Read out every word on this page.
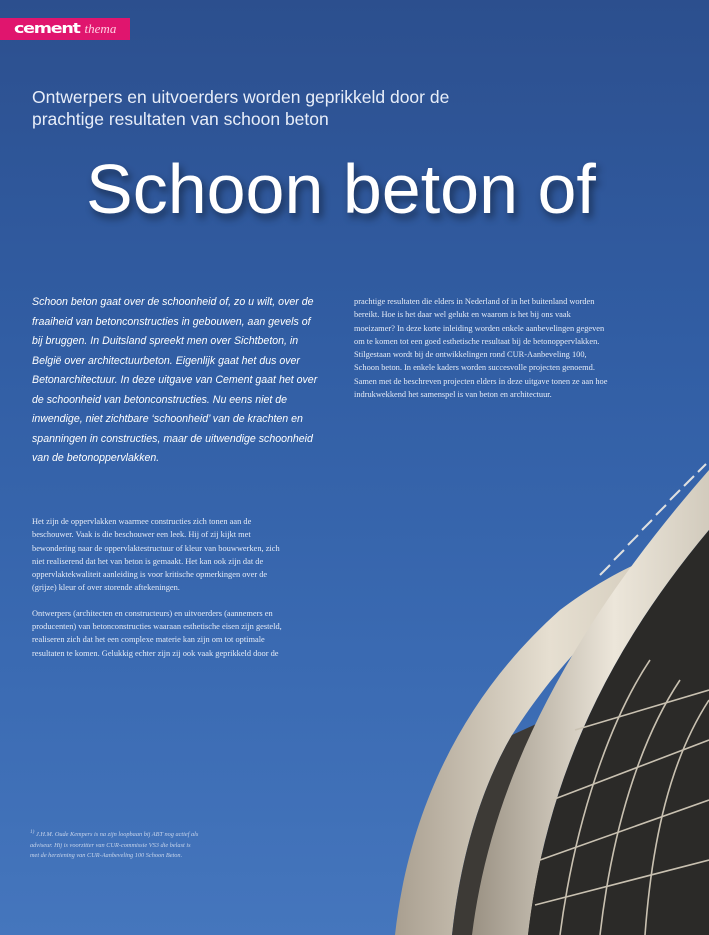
cement thema
Ontwerpers en uitvoerders worden geprikkeld door de prachtige resultaten van schoon beton
Schoon beton of
Schoon beton gaat over de schoonheid of, zo u wilt, over de fraaiheid van betonconstructies in gebouwen, aan gevels of bij bruggen. In Duitsland spreekt men over Sichtbeton, in België over architectuurbeton. Eigenlijk gaat het dus over Betonarchitectuur. In deze uitgave van Cement gaat het over de schoonheid van betonconstructies. Nu eens niet de inwendige, niet zichtbare ‘schoonheid’ van de krachten en spanningen in constructies, maar de uitwendige schoonheid van de betonoppervlakken.

Het zijn de oppervlakken waarmee constructies zich tonen aan de beschouwer. Vaak is die beschouwer een leek. Hij of zij kijkt met bewondering naar de oppervlaktestructuur of kleur van bouwwerken, zich niet realiserend dat het van beton is gemaakt. Het kan ook zijn dat de oppervlaktekwaliteit aanleiding is voor kritische opmerkingen over de (grijze) kleur of over storende aftekeningen.

Ontwerpers (architecten en constructeurs) en uitvoerders (aannemers en producenten) van betonconstructies waaraan esthetische eisen zijn gesteld, realiseren zich dat het een complexe materie kan zijn om tot optimale resultaten te komen. Gelukkig echter zijn zij ook vaak geprikkeld door de

prachtige resultaten die elders in Nederland of in het buitenland worden bereikt. Hoe is het daar wel gelukt en waarom is het bij ons vaak moeizamer? In deze korte inleiding worden enkele aanbevelingen gegeven om te komen tot een goed esthetische resultaat bij de betonoppervlakken. Stilgestaan wordt bij de ontwikkelingen rond CUR-Aanbeveling 100, Schoon beton. In enkele kaders worden succesvolle projecten genoemd. Samen met de beschreven projecten elders in deze uitgave tonen ze aan hoe indrukwekkend het samenspel is van beton en architectuur.

$^{1)}$ J.H.M. Oude Kempers is na zijn loopbaan bij ABT nog actief als adviseur. Hij is voorzitter van CUR-commissie VS3 die belast is met de herziening van CUR-Aanbeveling 100 Schoon Beton.
